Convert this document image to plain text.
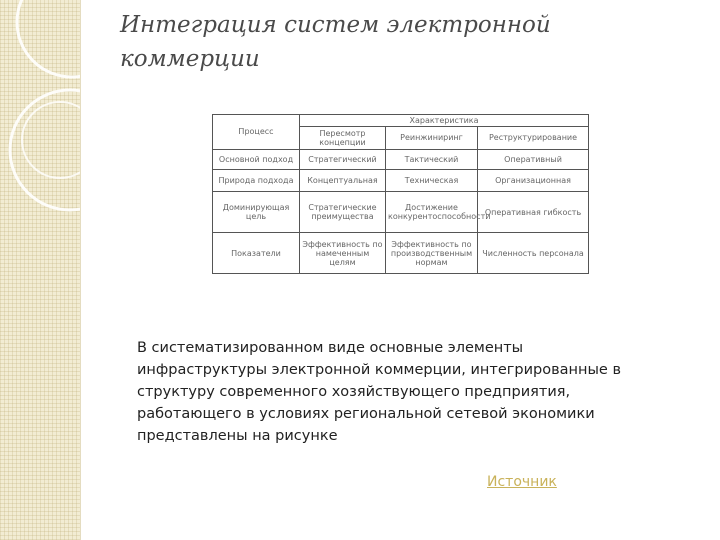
Интеграция систем электронной
коммерции
Процесс	Характеристика		
	Пересмотр концепции	Реинжиниринг	Реструктурирование
Основной подход	Стратегический	Тактический	Оперативный
Природа подхода	Концептуальная	Техническая	Организационная
Доминирующая цель	Стратегические преимущества	Достижение конкурентоспособности	Оперативная гибкость
Показатели	Эффективность по намеченным целям	Эффективность по производственным нормам	Численность персонала

В систематизированном виде основные элементы инфраструктуры электронной коммерции, интегрированные в структуру современного хозяйствующего предприятия, работающего в условиях региональной сетевой экономики представлены на рисунке

Источник
